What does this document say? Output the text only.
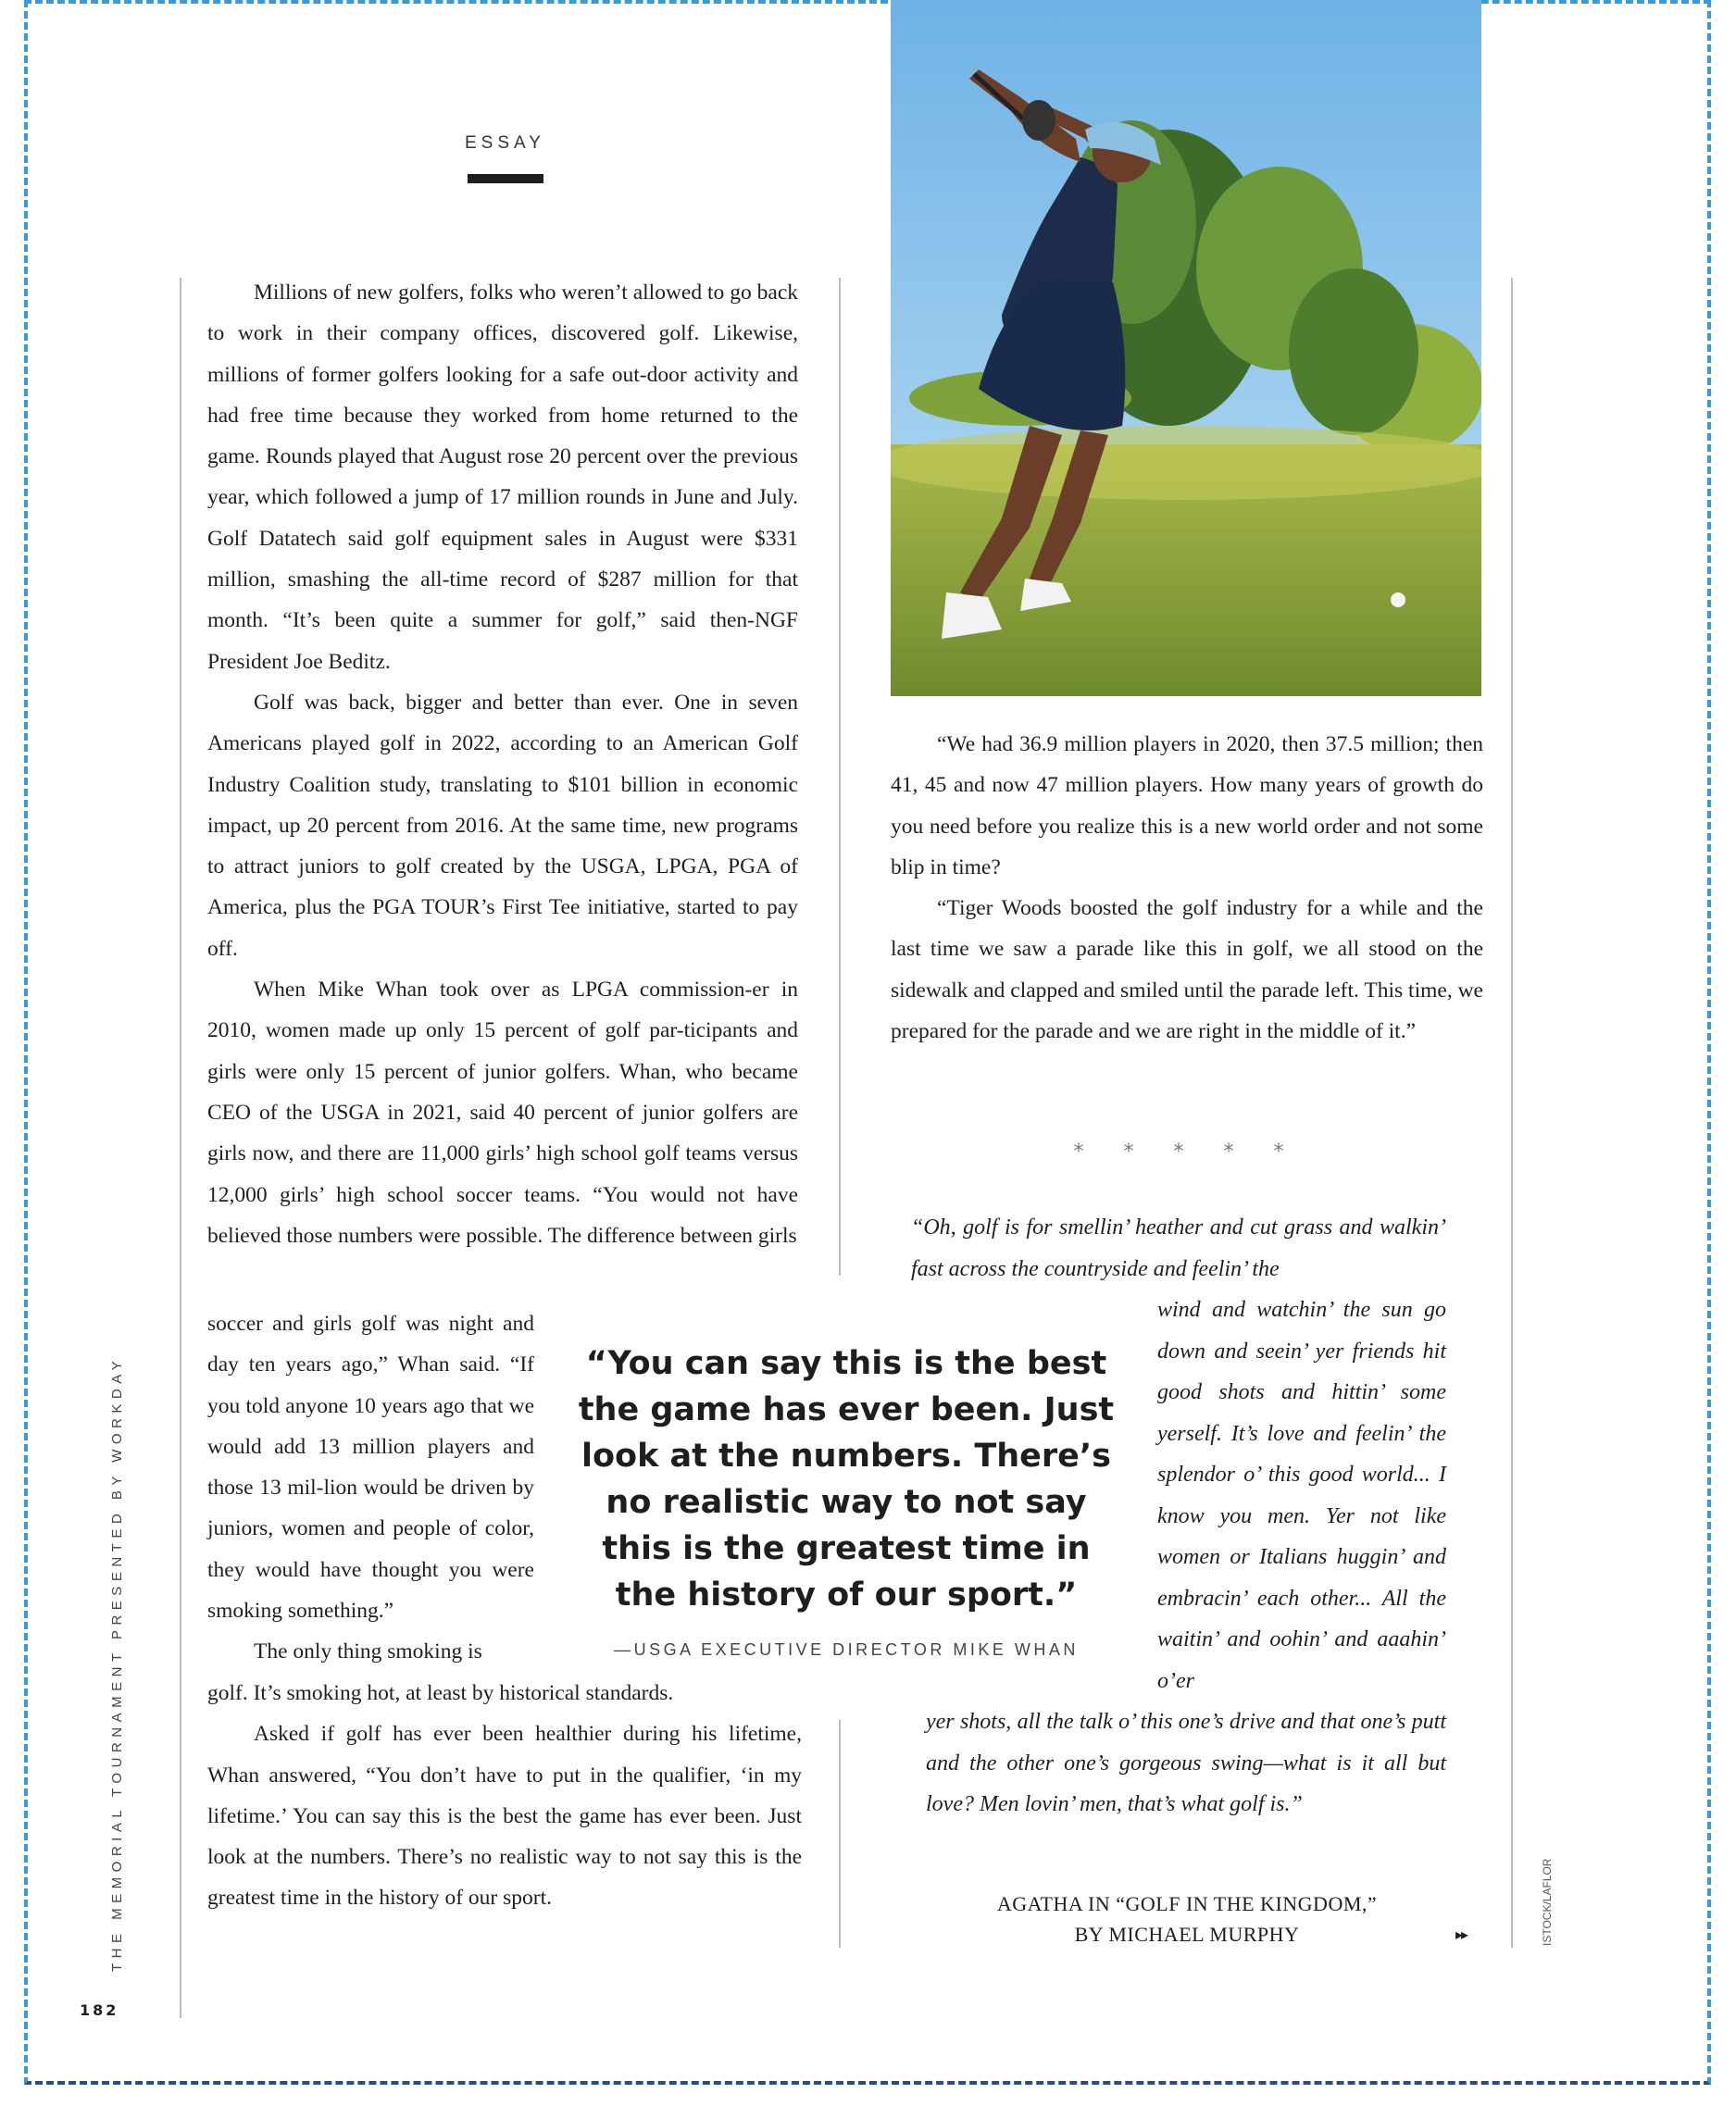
ESSAY

Millions of new golfers, folks who weren’t allowed to go back to work in their company offices, discovered golf. Likewise, millions of former golfers looking for a safe out-door activity and had free time because they worked from home returned to the game. Rounds played that August rose 20 percent over the previous year, which followed a jump of 17 million rounds in June and July. Golf Datatech said golf equipment sales in August were $331 million, smashing the all-time record of $287 million for that month. “It’s been quite a summer for golf,” said then-NGF President Joe Beditz.

Golf was back, bigger and better than ever. One in seven Americans played golf in 2022, according to an American Golf Industry Coalition study, translating to $101 billion in economic impact, up 20 percent from 2016. At the same time, new programs to attract juniors to golf created by the USGA, LPGA, PGA of America, plus the PGA TOUR’s First Tee initiative, started to pay off.

When Mike Whan took over as LPGA commission-er in 2010, women made up only 15 percent of golf par-ticipants and girls were only 15 percent of junior golfers. Whan, who became CEO of the USGA in 2021, said 40 percent of junior golfers are girls now, and there are 11,000 girls’ high school golf teams versus 12,000 girls’ high school soccer teams. “You would not have believed those numbers were possible. The difference between girls

soccer and girls golf was night and day ten years ago,” Whan said. “If you told anyone 10 years ago that we would add 13 million players and those 13 mil-lion would be driven by juniors, women and people of color, they would have thought you were smoking something.”

The only thing smoking is

golf. It’s smoking hot, at least by historical standards.

Asked if golf has ever been healthier during his lifetime, Whan answered, “You don’t have to put in the qualifier, ‘in my lifetime.’ You can say this is the best the game has ever been. Just look at the numbers. There’s no realistic way to not say this is the greatest time in the history of our sport.

“We had 36.9 million players in 2020, then 37.5 million; then 41, 45 and now 47 million players. How many years of growth do you need before you realize this is a new world order and not some blip in time?

“Tiger Woods boosted the golf industry for a while and the last time we saw a parade like this in golf, we all stood on the sidewalk and clapped and smiled until the parade left. This time, we prepared for the parade and we are right in the middle of it.”

* * * * *

“Oh, golf is for smellin’ heather and cut grass and walkin’ fast across the countryside and feelin’ the

wind and watchin’ the sun go down and seein’ yer friends hit good shots and hittin’ some yerself. It’s love and feelin’ the splendor o’ this good world... I know you men. Yer not like women or Italians huggin’ and embracin’ each other... All the waitin’ and oohin’ and aaahin’ o’er

yer shots, all the talk o’ this one’s drive and that one’s putt and the other one’s gorgeous swing—what is it all but love? Men lovin’ men, that’s what golf is.”

AGATHA IN “GOLF IN THE KINGDOM,”
BY MICHAEL MURPHY	▸▸
“You can say this is the best the game has ever been. Just look at the numbers. There’s no realistic way to not say this is the greatest time in the history of our sport.”
—USGA EXECUTIVE DIRECTOR MIKE WHAN
THE MEMORIAL TOURNAMENT PRESENTED BY WORKDAY	ISTOCK/LAFLOR
182
